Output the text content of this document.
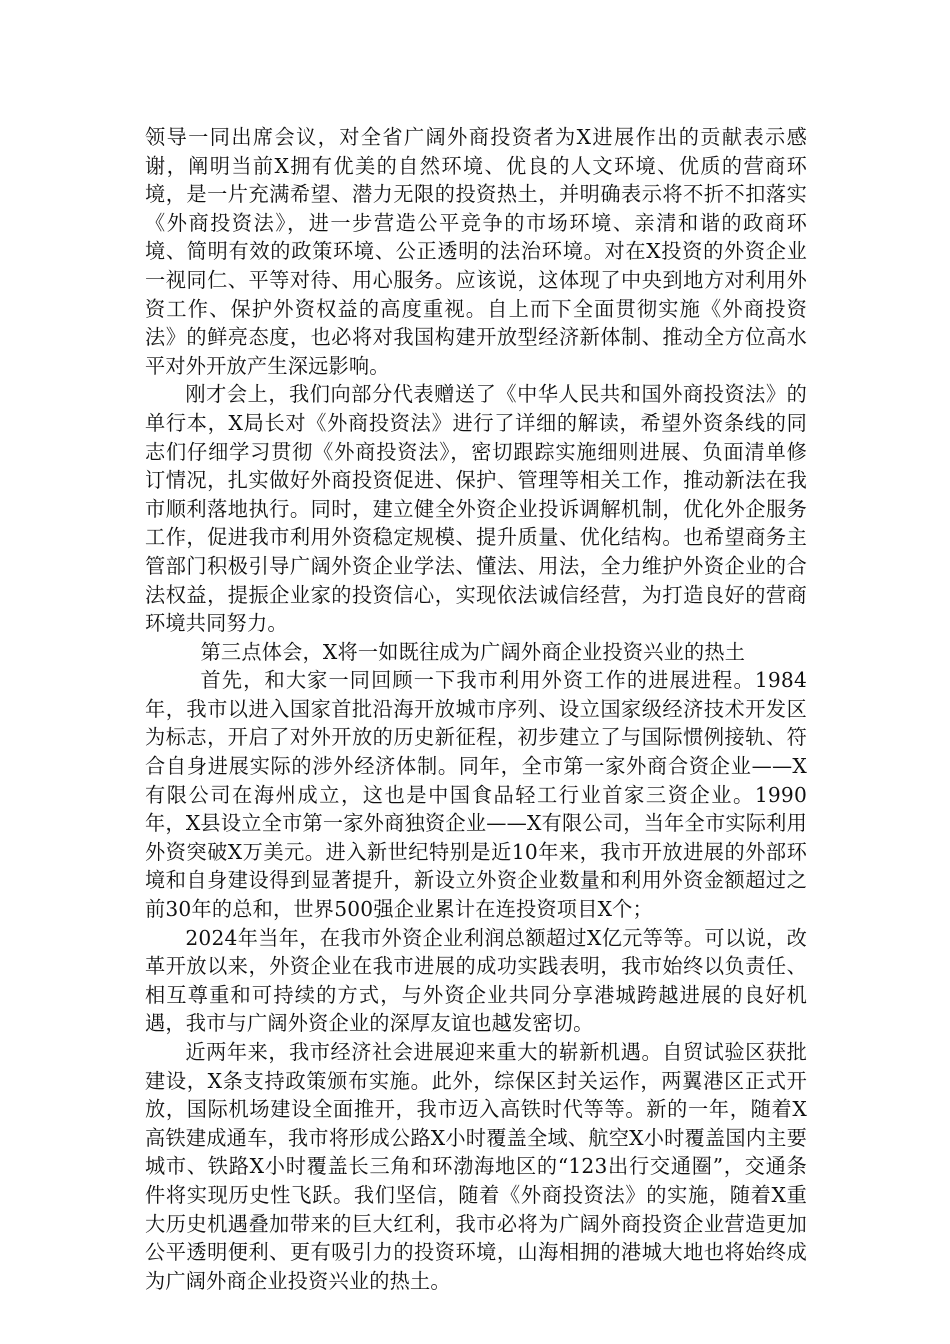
领导一同出席会议，对全省广阔外商投资者为X进展作出的贡献表示感谢，阐明当前X拥有优美的自然环境、优良的人文环境、优质的营商环境，是一片充满希望、潜力无限的投资热土，并明确表示将不折不扣落实《外商投资法》，进一步营造公平竞争的市场环境、亲清和谐的政商环境、简明有效的政策环境、公正透明的法治环境。对在X投资的外资企业一视同仁、平等对待、用心服务。应该说，这体现了中央到地方对利用外资工作、保护外资权益的高度重视。自上而下全面贯彻实施《外商投资法》的鲜亮态度，也必将对我国构建开放型经济新体制、推动全方位高水平对外开放产生深远影响。

刚才会上，我们向部分代表赠送了《中华人民共和国外商投资法》的单行本，X局长对《外商投资法》进行了详细的解读，希望外资条线的同志们仔细学习贯彻《外商投资法》，密切跟踪实施细则进展、负面清单修订情况，扎实做好外商投资促进、保护、管理等相关工作，推动新法在我市顺利落地执行。同时，建立健全外资企业投诉调解机制，优化外企服务工作，促进我市利用外资稳定规模、提升质量、优化结构。也希望商务主管部门积极引导广阔外资企业学法、懂法、用法，全力维护外资企业的合法权益，提振企业家的投资信心，实现依法诚信经营，为打造良好的营商环境共同努力。

第三点体会，X将一如既往成为广阔外商企业投资兴业的热土

首先，和大家一同回顾一下我市利用外资工作的进展进程。1984年，我市以进入国家首批沿海开放城市序列、设立国家级经济技术开发区为标志，开启了对外开放的历史新征程，初步建立了与国际惯例接轨、符合自身进展实际的涉外经济体制。同年，全市第一家外商合资企业——X有限公司在海州成立，这也是中国食品轻工行业首家三资企业。1990年，X县设立全市第一家外商独资企业——X有限公司，当年全市实际利用外资突破X万美元。进入新世纪特别是近10年来，我市开放进展的外部环境和自身建设得到显著提升，新设立外资企业数量和利用外资金额超过之前30年的总和，世界500强企业累计在连投资项目X个；

2024年当年，在我市外资企业利润总额超过X亿元等等。可以说，改革开放以来，外资企业在我市进展的成功实践表明，我市始终以负责任、相互尊重和可持续的方式，与外资企业共同分享港城跨越进展的良好机遇，我市与广阔外资企业的深厚友谊也越发密切。

近两年来，我市经济社会进展迎来重大的崭新机遇。自贸试验区获批建设，X条支持政策颁布实施。此外，综保区封关运作，两翼港区正式开放，国际机场建设全面推开，我市迈入高铁时代等等。新的一年，随着X高铁建成通车，我市将形成公路X小时覆盖全域、航空X小时覆盖国内主要城市、铁路X小时覆盖长三角和环渤海地区的“123出行交通圈”，交通条件将实现历史性飞跃。我们坚信，随着《外商投资法》的实施，随着X重大历史机遇叠加带来的巨大红利，我市必将为广阔外商投资企业营造更加公平透明便利、更有吸引力的投资环境，山海相拥的港城大地也将始终成为广阔外商企业投资兴业的热土。
